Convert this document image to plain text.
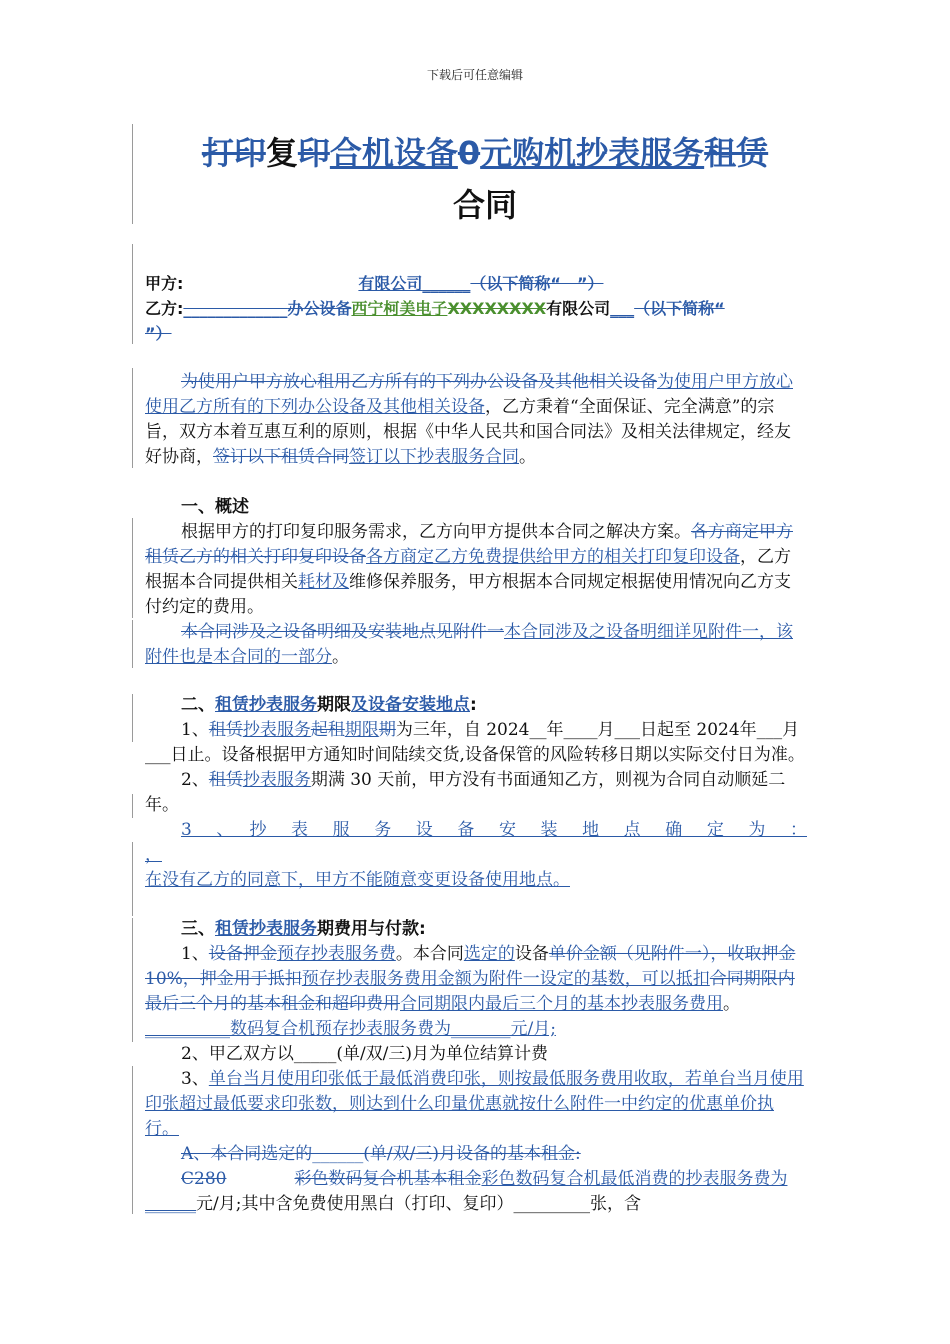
下载后可任意编辑
打印复印合机设备0元购机抄表服务租赁
合同

甲方:	有限公司______（以下简称“　”）

乙方:_____________办公设备西宁柯美电子XXXXXXXX有限公司___（以下简称“
”）

为使用户甲方放心租用乙方所有的下列办公设备及其他相关设备为使用户甲方放心使用乙方所有的下列办公设备及其他相关设备，乙方秉着“全面保证、完全满意”的宗旨，双方本着互惠互利的原则，根据《中华人民共和国合同法》及相关法律规定，经友好协商，签订以下租赁合同签订以下抄表服务合同。

一、概述

根据甲方的打印复印服务需求，乙方向甲方提供本合同之解决方案。各方商定甲方租赁乙方的相关打印复印设备各方商定乙方免费提供给甲方的相关打印复印设备，乙方根据本合同提供相关耗材及维修保养服务，甲方根据本合同规定根据使用情况向乙方支付约定的费用。

本合同涉及之设备明细及安装地点见附件一本合同涉及之设备明细详见附件一，该附件也是本合同的一部分。

二、租赁抄表服务期限及设备安装地点:

1、租赁抄表服务起租期限期为三年，自 2024__年____月___日起至 2024年___月___日止。设备根据甲方通知时间陆续交货,设备保管的风险转移日期以实际交付日为准。

2、租赁抄表服务期满 30 天前，甲方没有书面通知乙方，则视为合同自动顺延二年。

3　、　抄　表　服　务　设　备　安　装　地　点　确　定　为　：

，

在没有乙方的同意下，甲方不能随意变更设备使用地点。

三、租赁抄表服务期费用与付款:

1、设备押金预存抄表服务费。本合同选定的设备单价金额（见附件一），收取押金 10%，押金用于抵扣预存抄表服务费用金额为附件一设定的基数，可以抵扣合同期限内最后三个月的基本租金和超印费用合同期限内最后三个月的基本抄表服务费用。 __________数码复合机预存抄表服务费为_______元/月;

2、甲乙双方以_____(单/双/三)月为单位结算计费

3、单台当月使用印张低于最低消费印张，则按最低服务费用收取，若单台当月使用印张超过最低要求印张数，则达到什么印量优惠就按什么附件一中约定的优惠单价执行。

A、本合同选定的______(单/双/三)月设备的基本租金:

C280	彩色数码复合机基本租金彩色数码复合机最低消费的抄表服务费为______元/月;其中含免费使用黑白（打印、复印）_________张，含
